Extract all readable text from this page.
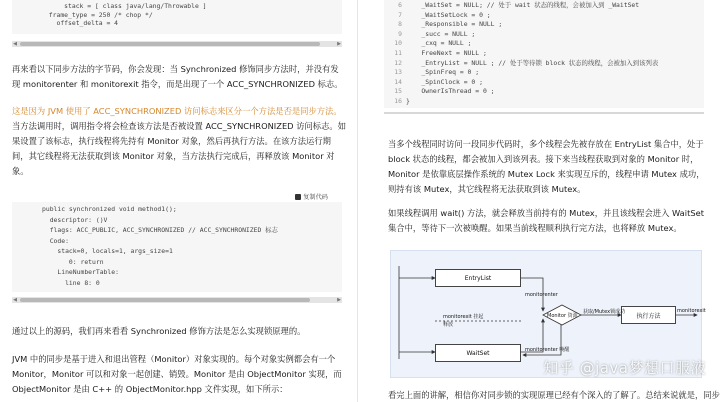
stack = [ class java/lang/Throwable ]
frame_type = 250 /* chop */
offset_delta = 4
◀	▶
再来看以下同步方法的字节码，你会发现：当 Synchronized 修饰同步方法时，并没有发现 monitorenter 和 monitorexit 指令，而是出现了一个 ACC_SYNCHRONIZED 标志。
这是因为 JVM 使用了 ACC_SYNCHRONIZED 访问标志来区分一个方法是否是同步方法。当方法调用时，调用指令将会检查该方法是否被设置 ACC_SYNCHRONIZED 访问标志。如果设置了该标志，执行线程将先持有 Monitor 对象，然后再执行方法。在该方法运行期间，其它线程将无法获取到该 Monitor 对象，当方法执行完成后，再释放该 Monitor 对象。
复制代码
public synchronized void method1();
descriptor: ()V
flags: ACC_PUBLIC, ACC_SYNCHRONIZED // ACC_SYNCHRONIZED 标志
Code:
stack=0, locals=1, args_size=1
0: return
LineNumberTable:
line 8: 0
◀	▶
通过以上的源码，我们再来看看 Synchronized 修饰方法是怎么实现锁原理的。
JVM 中的同步是基于进入和退出管程（Monitor）对象实现的。每个对象实例都会有一个 Monitor，Monitor 可以和对象一起创建、销毁。Monitor 是由 ObjectMonitor 实现，而 ObjectMonitor 是由 C++ 的 ObjectMonitor.hpp 文件实现，如下所示：
6 _WaitSet = NULL; // 处于 wait 状态的线程，会被加入到 _WaitSet
7 _WaitSetLock = 0 ;
8 _Responsible = NULL ;
9 _succ = NULL ;
10 _cxq = NULL ;
11 FreeNext = NULL ;
12 _EntryList = NULL ; // 处于等待锁 block 状态的线程，会被加入到该列表
13 _SpinFreq = 0 ;
14 _SpinClock = 0 ;
15 OwnerIsThread = 0 ;
16 }
当多个线程同时访问一段同步代码时，多个线程会先被存放在 EntryList 集合中，处于 block 状态的线程，都会被加入到该列表。接下来当线程获取到对象的 Monitor 时，Monitor 是依靠底层操作系统的 Mutex Lock 来实现互斥的，线程申请 Mutex 成功，则持有该 Mutex，其它线程将无法获取到该 Mutex。
如果线程调用 wait() 方法，就会释放当前持有的 Mutex，并且该线程会进入 WaitSet 集合中，等待下一次被唤醒。如果当前线程顺利执行完方法，也将释放 Mutex。
EntryList
WaitSet
Monitor 资源	执行方法
monitorenter
获取/Mutex锁成功	monitorexit
monitorexit 挂起
释放
monitorenter 唤醒
看完上面的讲解，相信你对同步锁的实现原理已经有个深入的了解了。总结来说就是，同步
知乎 @java梦想口服液
